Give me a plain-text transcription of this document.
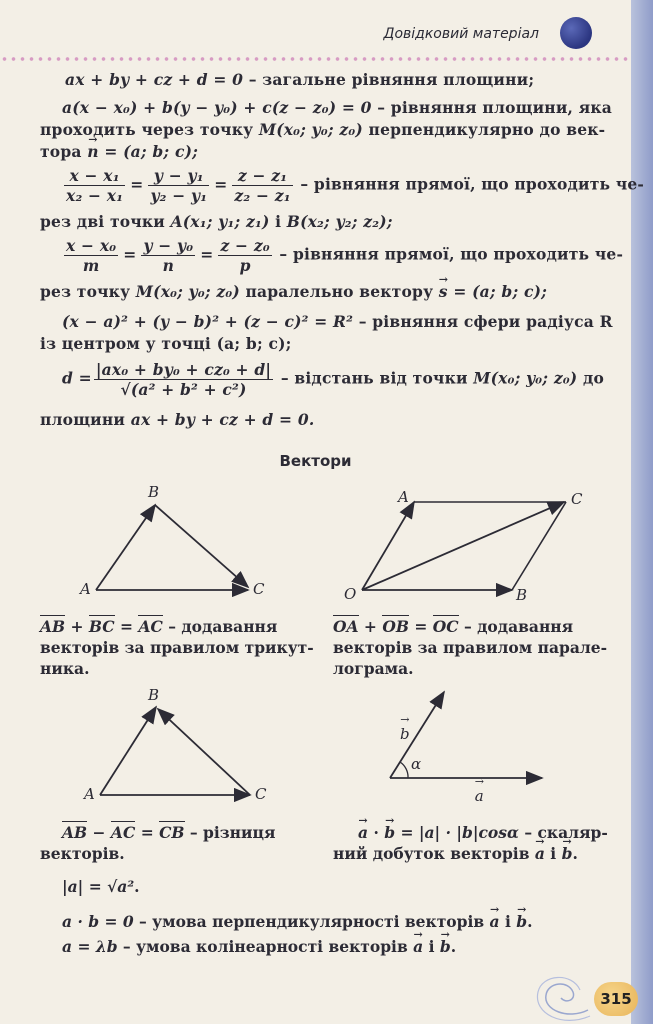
Довідковий матеріал
ax + by + cz + d = 0 – загальне рівняння площини;
a(x − x₀) + b(y − y₀) + c(z − z₀) = 0 – рівняння площини, яка
проходить через точку M(x₀; y₀; z₀) перпендикулярно до век-
тора → n = (a; b; c);
$\frac{\text{x − x₁}}{\text{x₂ − x₁}} = \frac{\text{y − y₁}}{\text{y₂ − y₁}} = \frac{\text{z − z₁}}{\text{z₂ − z₁}}$ – рівняння прямої, що проходить че-
рез дві точки A(x₁; y₁; z₁) і B(x₂; y₂; z₂);
$\frac{\text{x − x₀}}{m} = \frac{\text{y − y₀}}{n} = \frac{\text{z − z₀}}{p}$ – рівняння прямої, що проходить че-
рез точку M(x₀; y₀; z₀) паралельно вектору → s = (a; b; c);
(x − a)² + (y − b)² + (z − c)² = R² – рівняння сфери радіуса R
із центром у точці (a; b; c);
$d = \frac{\text{|ax₀ + by₀ + cz₀ + d|}}{\text{√(a² + b² + c²)}}$ – відстань від точки M(x₀; y₀; z₀) до
площини ax + by + cz + d = 0.
Вектори
A
B
C
AB + BC = AC – додавання
векторів за правилом трикут-
ника.
O
A
B
C
OA + OB = OC – додавання
векторів за правилом парале-
лограма.
A
B
C
AB − AC = CB – різниця
векторів.
→ b
α
→ a
→ a · → b = |a| · |b|cosα – скаляр-
ний добуток векторів → a і → b.
|a| = √a².
a · b = 0 – умова перпендикулярності векторів → a і → b.
a = λb – умова колінеарності векторів → a і → b.
315
